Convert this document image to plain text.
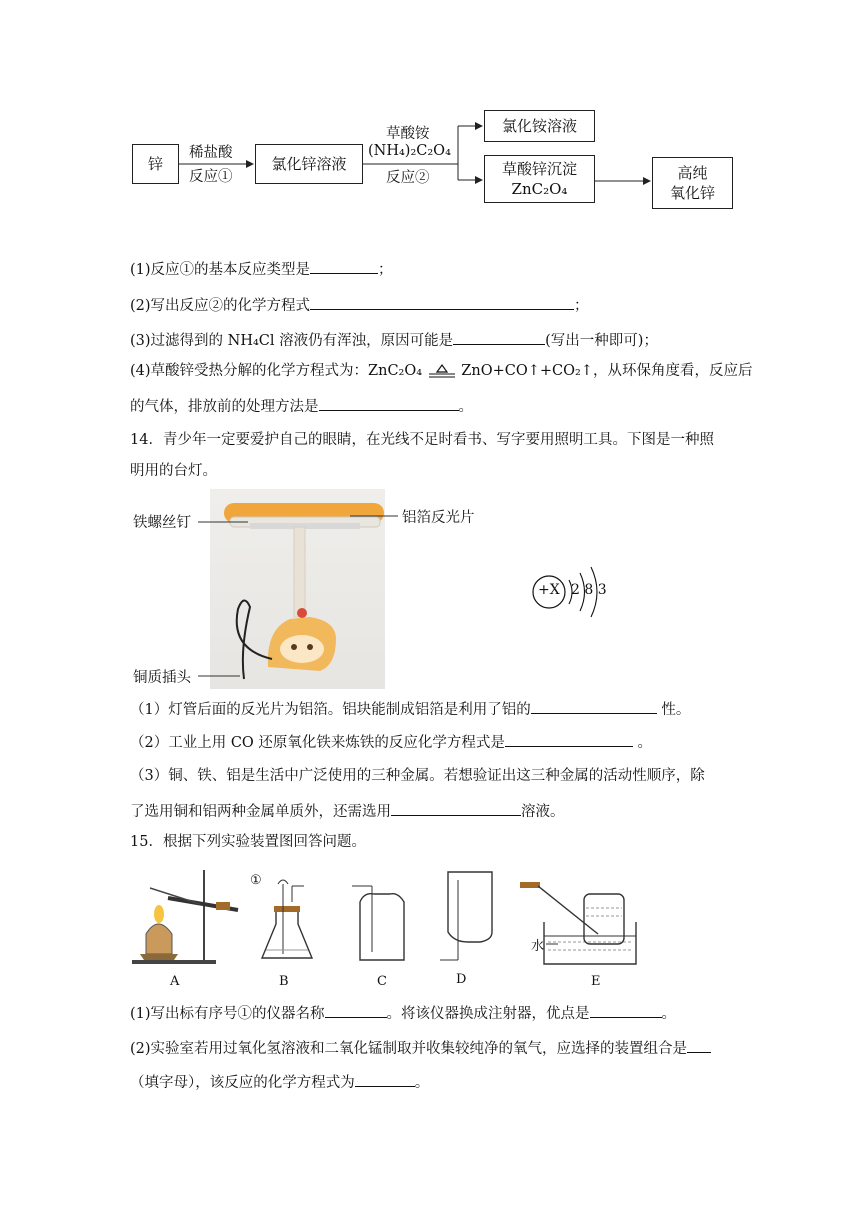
锌
稀盐酸
反应①
氯化锌溶液
草酸铵
(NH₄)₂C₂O₄
反应②
氯化铵溶液
草酸锌沉淀
ZnC₂O₄
高纯
氧化锌
(1)反应①的基本反应类型是	；
(2)写出反应②的化学方程式	；
(3)过滤得到的 NH₄Cl 溶液仍有浑浊，原因可能是	(写出一种即可)；
(4)草酸锌受热分解的化学方程式为：ZnC₂O₄	ZnO+CO↑+CO₂↑，从环保角度看，反应后
的气体，排放前的处理方法是	。
14．青少年一定要爱护自己的眼睛，在光线不足时看书、写字要用照明工具。下图是一种照
明用的台灯。
铁螺丝钉	铝箔反光片
铜质插头
+X 2 8 3
（1）灯管后面的反光片为铝箔。铝块能制成铝箔是利用了铝的	性。
（2）工业上用 CO 还原氧化铁来炼铁的反应化学方程式是	。
（3）铜、铁、铝是生活中广泛使用的三种金属。若想验证出这三种金属的活动性顺序，除
了选用铜和铝两种金属单质外，还需选用	溶液。
15．根据下列实验装置图回答问题。
①
水
A	B	C	D	E
(1)写出标有序号①的仪器名称	。将该仪器换成注射器，优点是	。
(2)实验室若用过氧化氢溶液和二氧化锰制取并收集较纯净的氧气，应选择的装置组合是
（填字母），该反应的化学方程式为	。
